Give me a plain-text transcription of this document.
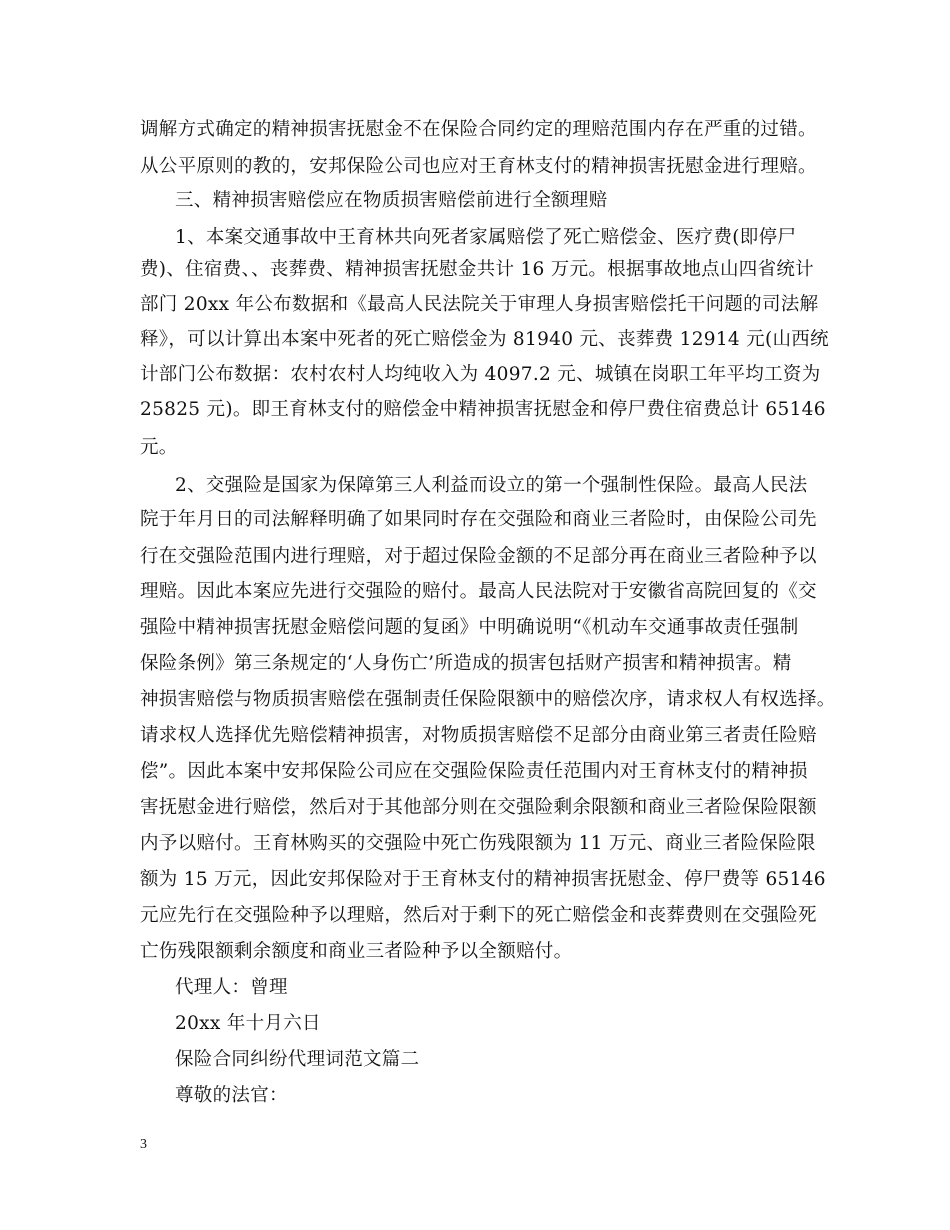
调解方式确定的精神损害抚慰金不在保险合同约定的理赔范围内存在严重的过错。
从公平原则的教的，安邦保险公司也应对王育林支付的精神损害抚慰金进行理赔。
三、精神损害赔偿应在物质损害赔偿前进行全额理赔
1、本案交通事故中王育林共向死者家属赔偿了死亡赔偿金、医疗费(即停尸
费)、住宿费、、丧葬费、精神损害抚慰金共计 16 万元。根据事故地点山四省统计
部门 20xx 年公布数据和《最高人民法院关于审理人身损害赔偿托干问题的司法解
释》，可以计算出本案中死者的死亡赔偿金为 81940 元、丧葬费 12914 元(山西统
计部门公布数据：农村农村人均纯收入为 4097.2 元、城镇在岗职工年平均工资为
25825 元)。即王育林支付的赔偿金中精神损害抚慰金和停尸费住宿费总计 65146
元。
2、交强险是国家为保障第三人利益而设立的第一个强制性保险。最高人民法
院于年月日的司法解释明确了如果同时存在交强险和商业三者险时，由保险公司先
行在交强险范围内进行理赔，对于超过保险金额的不足部分再在商业三者险种予以
理赔。因此本案应先进行交强险的赔付。最高人民法院对于安徽省高院回复的《交
强险中精神损害抚慰金赔偿问题的复函》中明确说明“《机动车交通事故责任强制
保险条例》第三条规定的‘人身伤亡’所造成的损害包括财产损害和精神损害。精
神损害赔偿与物质损害赔偿在强制责任保险限额中的赔偿次序，请求权人有权选择。
请求权人选择优先赔偿精神损害，对物质损害赔偿不足部分由商业第三者责任险赔
偿”。因此本案中安邦保险公司应在交强险保险责任范围内对王育林支付的精神损
害抚慰金进行赔偿，然后对于其他部分则在交强险剩余限额和商业三者险保险限额
内予以赔付。王育林购买的交强险中死亡伤残限额为 11 万元、商业三者险保险限
额为 15 万元，因此安邦保险对于王育林支付的精神损害抚慰金、停尸费等 65146
元应先行在交强险种予以理赔，然后对于剩下的死亡赔偿金和丧葬费则在交强险死
亡伤残限额剩余额度和商业三者险种予以全额赔付。
代理人：曾理
20xx 年十月六日
保险合同纠纷代理词范文篇二
尊敬的法官：
3
